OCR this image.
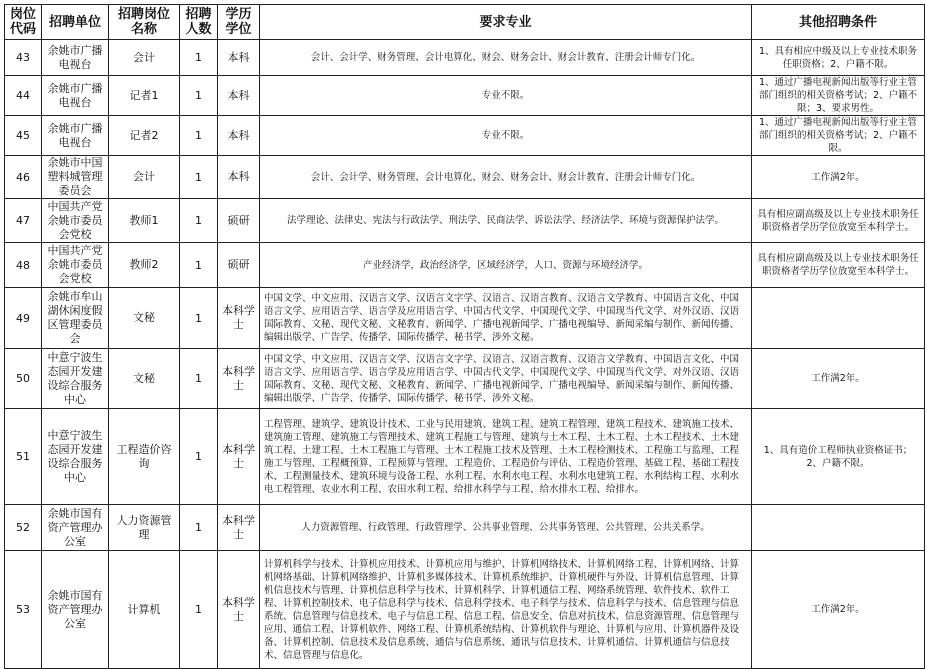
岗位代码	招聘单位	招聘岗位名称	招聘人数	学历学位	要求专业	其他招聘条件
43	余姚市广播电视台	会计	1	本科	会计、会计学、财务管理、会计电算化、财会、财务会计、财会计教育、注册会计师专门化。	1、具有相应中级及以上专业技术职务任职资格；2、户籍不限。
44	余姚市广播电视台	记者1	1	本科	专业不限。	1、通过广播电视新闻出版等行业主管部门组织的相关资格考试；2、户籍不限；3、要求男性。
45	余姚市广播电视台	记者2	1	本科	专业不限。	1、通过广播电视新闻出版等行业主管部门组织的相关资格考试；2、户籍不限。
46	余姚市中国塑料城管理委员会	会计	1	本科	会计、会计学、财务管理、会计电算化、财会、财务会计、财会计教育、注册会计师专门化。	工作满2年。
47	中国共产党余姚市委员会党校	教师1	1	硕研	法学理论、法律史、宪法与行政法学、刑法学、民商法学、诉讼法学、经济法学、环境与资源保护法学。	具有相应副高级及以上专业技术职务任职资格者学历学位放宽至本科学士。
48	中国共产党余姚市委员会党校	教师2	1	硕研	产业经济学，政治经济学，区域经济学，人口、资源与环境经济学。	具有相应副高级及以上专业技术职务任职资格者学历学位放宽至本科学士。
49	余姚市牟山湖休闲度假区管理委员会	文秘	1	本科学士	中国文学、中文应用、汉语言文学、汉语言文字学、汉语言、汉语言教育、汉语言文学教育、中国语言文化、中国语言文学、应用语言学、语言学及应用语言学、中国古代文学、中国现代文学、中国现当代文学、对外汉语、汉语国际教育、文秘、现代文秘、文秘教育、新闻学、广播电视新闻学、广播电视编导、新闻采编与制作、新闻传播、编辑出版学、广告学、传播学、国际传播学、秘书学、涉外文秘。	
50	中意宁波生态园开发建设综合服务中心	文秘	1	本科学士	中国文学、中文应用、汉语言文学、汉语言文字学、汉语言、汉语言教育、汉语言文学教育、中国语言文化、中国语言文学、应用语言学、语言学及应用语言学、中国古代文学、中国现代文学、中国现当代文学、对外汉语、汉语国际教育、文秘、现代文秘、文秘教育、新闻学、广播电视新闻学、广播电视编导、新闻采编与制作、新闻传播、编辑出版学、广告学、传播学、国际传播学、秘书学、涉外文秘。	工作满2年。
51	中意宁波生态园开发建设综合服务中心	工程造价咨询	1	本科学士	工程管理、建筑学、建筑设计技术、工业与民用建筑、建筑工程、建筑工程管理、建筑工程技术、建筑施工技术、建筑施工管理、建筑施工与管理技术、建筑工程施工与管理、建筑与土木工程、土木工程、土木工程技术、土木建筑工程、土建工程、土木工程施工与管理、土木工程施工技术及管理、土木工程检测技术、工程施工与监理、工程施工与管理、工程概预算、工程预算与管理、工程造价、工程造价与评估、工程造价管理、基础工程、基础工程技术、工程测量技术、建筑环境与设备工程、水利工程、水利水电工程、水利水电建筑工程、水利结构工程、水利水电工程管理、农业水利工程、农田水利工程、给排水科学与工程、给水排水工程、给排水。	1、具有造价工程师执业资格证书；2、户籍不限。
52	余姚市国有资产管理办公室	人力资源管理	1	本科学士	人力资源管理、行政管理、行政管理学、公共事业管理、公共事务管理、公共管理、公共关系学。	
53	余姚市国有资产管理办公室	计算机	1	本科学士	计算机科学与技术、计算机应用技术、计算机应用与维护、计算机网络技术、计算机网络工程、计算机网络、计算机网络基础、计算机网络维护、计算机多媒体技术、计算机系统维护、计算机硬件与外设、计算机信息管理、计算机信息技术与管理、计算机信息科学与技术、计算机科学、计算机通信工程、网络系统管理、软件技术、软件工程、计算机控制技术、电子信息科学与技术、信息科学技术、电子科学与技术、信息科学与技术、信息管理与信息系统、信息管理与信息技术、电子与信息工程、信息工程、信息安全、信息对抗技术、信息资源管理、信息管理与应用、通信工程、计算机软件、网络工程、计算机系统结构、计算机软件与理论、计算机与应用、计算机器件及设备、计算机控制、信息技术及信息系统、通信与信息系统、通讯与信息技术、计算机通信、计算机通信与信息技术、信息管理与信息化。	工作满2年。
